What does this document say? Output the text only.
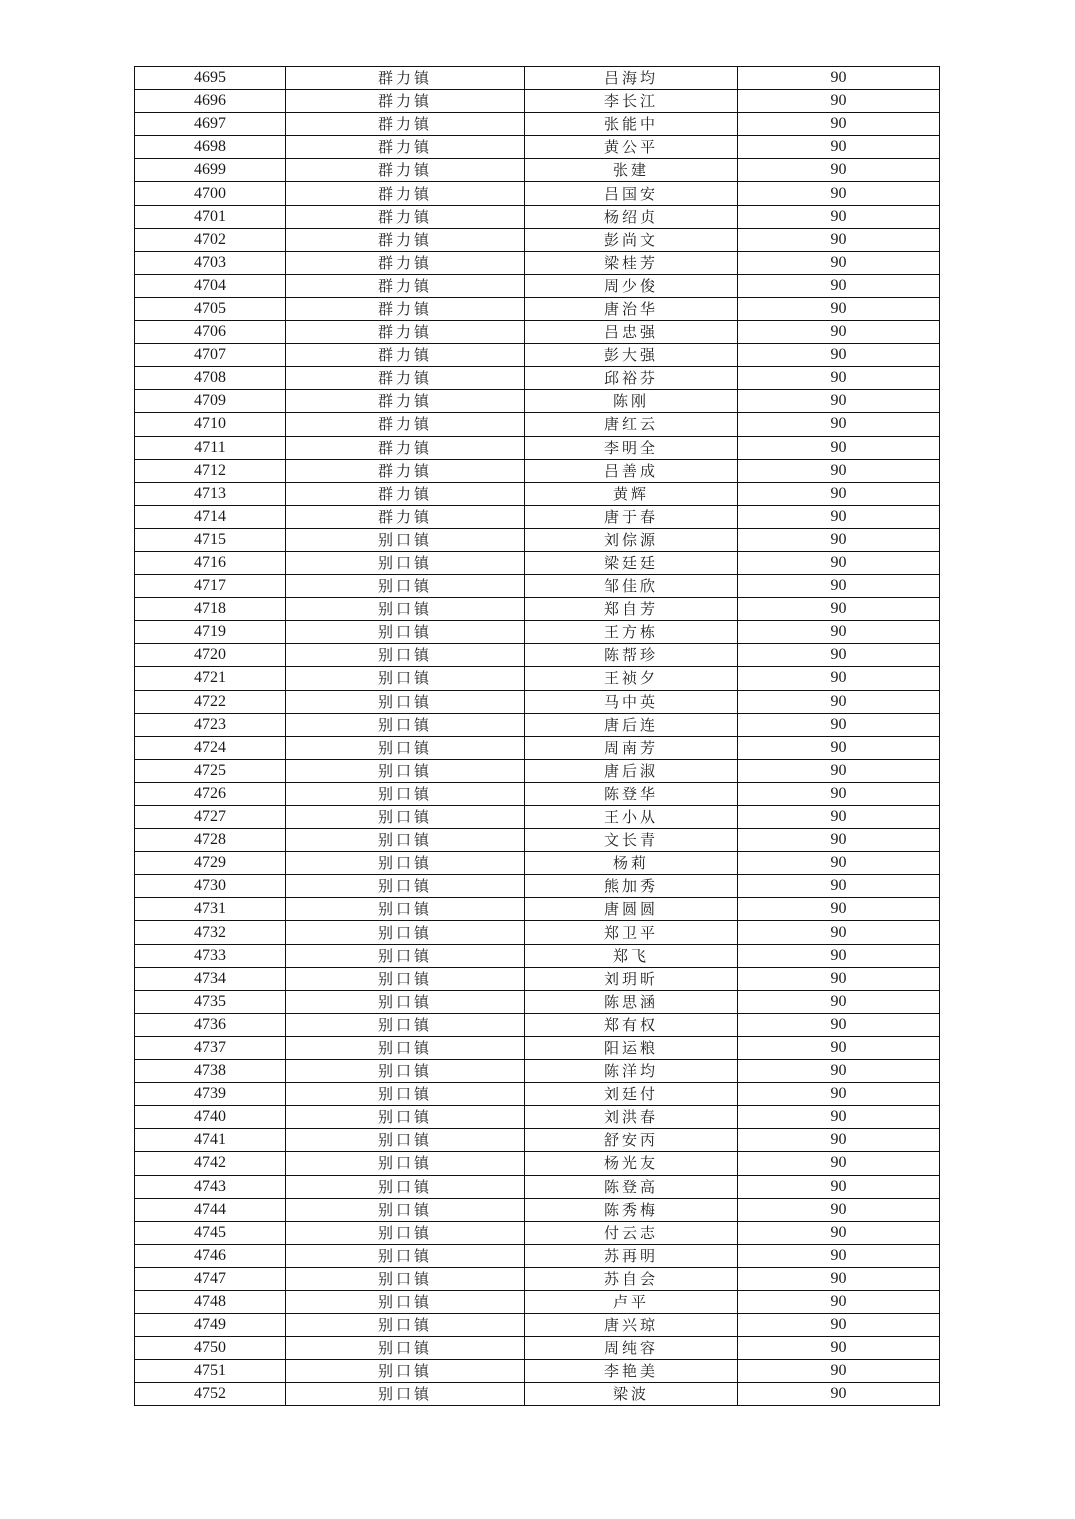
4695	群力镇	吕海均	90
4696	群力镇	李长江	90
4697	群力镇	张能中	90
4698	群力镇	黄公平	90
4699	群力镇	张建	90
4700	群力镇	吕国安	90
4701	群力镇	杨绍贞	90
4702	群力镇	彭尚文	90
4703	群力镇	梁桂芳	90
4704	群力镇	周少俊	90
4705	群力镇	唐治华	90
4706	群力镇	吕忠强	90
4707	群力镇	彭大强	90
4708	群力镇	邱裕芬	90
4709	群力镇	陈刚	90
4710	群力镇	唐红云	90
4711	群力镇	李明全	90
4712	群力镇	吕善成	90
4713	群力镇	黄辉	90
4714	群力镇	唐于春	90
4715	别口镇	刘倧源	90
4716	别口镇	梁廷廷	90
4717	别口镇	邹佳欣	90
4718	别口镇	郑自芳	90
4719	别口镇	王方栋	90
4720	别口镇	陈帮珍	90
4721	别口镇	王祯夕	90
4722	别口镇	马中英	90
4723	别口镇	唐后连	90
4724	别口镇	周南芳	90
4725	别口镇	唐后淑	90
4726	别口镇	陈登华	90
4727	别口镇	王小从	90
4728	别口镇	文长青	90
4729	别口镇	杨莉	90
4730	别口镇	熊加秀	90
4731	别口镇	唐圆圆	90
4732	别口镇	郑卫平	90
4733	别口镇	郑飞	90
4734	别口镇	刘玥昕	90
4735	别口镇	陈思涵	90
4736	别口镇	郑有权	90
4737	别口镇	阳运粮	90
4738	别口镇	陈洋均	90
4739	别口镇	刘廷付	90
4740	别口镇	刘洪春	90
4741	别口镇	舒安丙	90
4742	别口镇	杨光友	90
4743	别口镇	陈登高	90
4744	别口镇	陈秀梅	90
4745	别口镇	付云志	90
4746	别口镇	苏再明	90
4747	别口镇	苏自会	90
4748	别口镇	卢平	90
4749	别口镇	唐兴琼	90
4750	别口镇	周纯容	90
4751	别口镇	李艳美	90
4752	别口镇	梁波	90
